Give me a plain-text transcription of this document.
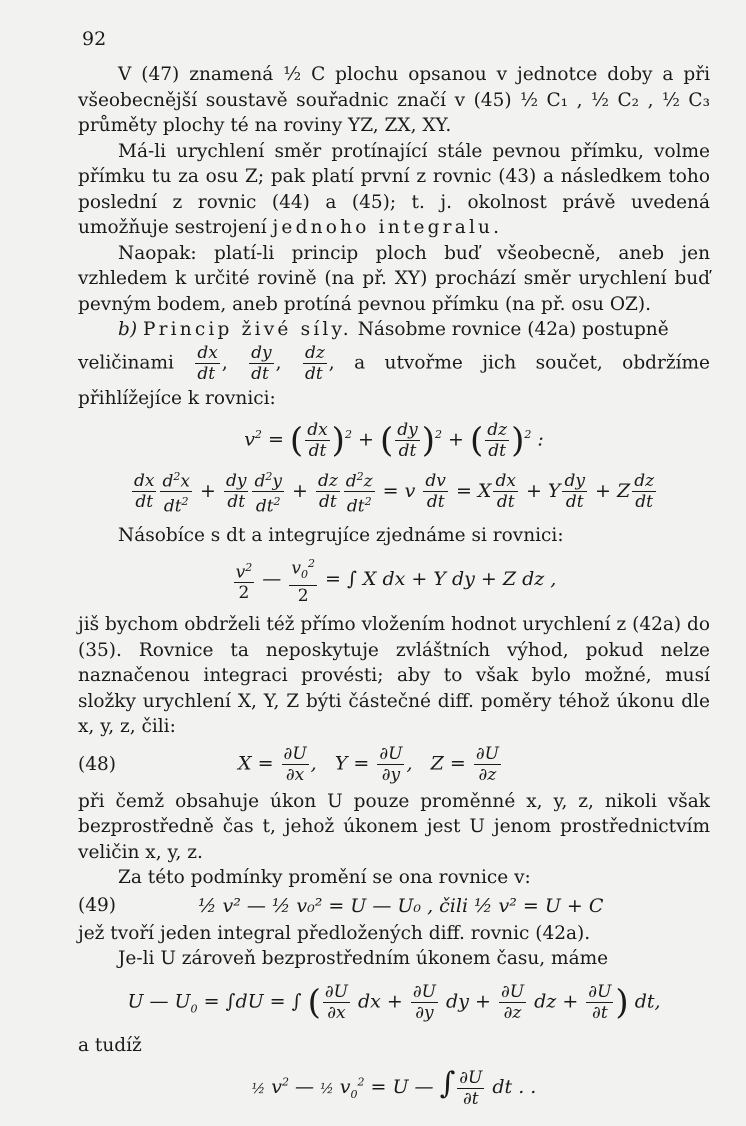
92

V (47) znamená ½ C plochu opsanou v jednotce doby a při všeobecnější soustavě souřadnic značí v (45) ½ C₁ , ½ C₂ , ½ C₃ průměty plochy té na roviny YZ, ZX, XY.

Má-li urychlení směr protínající stále pevnou přímku, volme přímku tu za osu Z; pak platí první z rovnic (43) a následkem toho poslední z rovnic (44) a (45); t. j. okolnost právě uvedená umožňuje sestrojení jednoho integralu.

Naopak: platí-li princip ploch buď všeobecně, aneb jen vzhledem k určité rovině (na př. XY) prochází směr urychlení buď pevným bodem, aneb protíná pevnou přímku (na př. osu OZ).

b) Princip živé síly. Násobme rovnice (42a) postupně

veličinami $\frac{dx}{dt}$ , $\frac{dy}{dt}$ , $\frac{dz}{dt}$ , a utvořme jich součet, obdržíme přihlížejíce k rovnici:

$v^2$ = ( $\frac{dx}{dt} )^2$ + ( $\frac{dy}{dt} )^2$ + ( $\frac{dz}{dt} )^2$ :
$\frac{dx}{dt} \frac{d^2x}{dt^2} + \frac{dy}{dt} \frac{d^2y}{dt^2} + \frac{dz}{dt} \frac{d^2z}{dt^2} = v \frac{dv}{dt} = X \frac{dx}{dt} + Y \frac{dy}{dt} + Z \frac{dz}{dt}$

Násobíce s dt a integrujíce zjednáme si rovnici:

$\frac{v^2}{2}$ — $\frac{v_0^2}{2}$ = ∫ X dx + Y dy + Z dz ,

jiš bychom obdrželi též přímo vložením hodnot urychlení z (42a) do (35). Rovnice ta neposkytuje zvláštních výhod, pokud nelze naznačenou integraci provésti; aby to však bylo možné, musí složky urychlení X, Y, Z býti částečné diff. poměry téhož úkonu dle x, y, z, čili:

(48)	$X = \frac{\partial U}{\partial x}$ ,   $Y = \frac{\partial U}{\partial y}$ ,   $Z = \frac{\partial U}{\partial z}$

při čemž obsahuje úkon U pouze proměnné x, y, z, nikoli však bezprostředně čas t, jehož úkonem jest U jenom prostřednictvím veličin x, y, z.

Za této podmínky promění se ona rovnice v:

(49)	½ v² — ½ v₀² = U — U₀ , čili ½ v² = U + C

jež tvoří jeden integral předložených diff. rovnic (42a).

Je-li U zároveň bezprostředním úkonem času, máme

U — $U_0 = \int dU$ = ∫ ( $\frac{\partial U}{\partial x}$ dx + $\frac{\partial U}{\partial y}$ dy + $\frac{\partial U}{\partial z}$ dz + $\frac{\partial U}{\partial t}$ ) dt,

a tudíž

½ $v^2$ — ½ $v_0^2 = U$ — ∫ $\frac{\partial U}{\partial t}$ dt . .
